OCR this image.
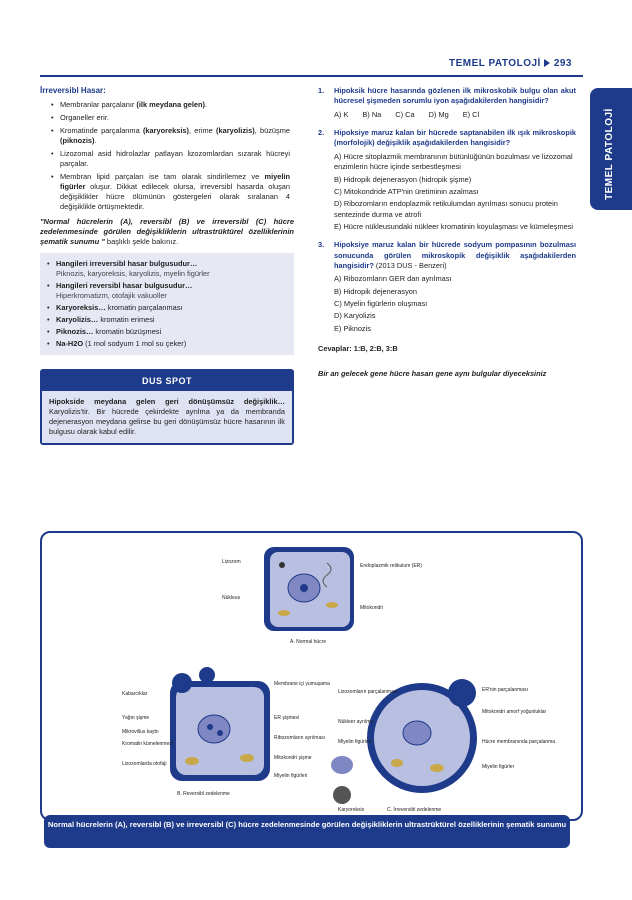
TEMEL PATOLOJİ 293
TEMEL PATOLOJİ
İrreversibl Hasar:
• Membranlar parçalanır (ilk meydana gelen).
• Organeller erir.
• Kromatinde parçalanma (karyoreksis), erime (karyolizis), büzüşme (piknozis).
• Lizozomal asid hidrolazlar patlayan lizozomlardan sızarak hücreyi parçalar.
• Membran lipid parçaları ise tam olarak sindirilemez ve miyelin figürler oluşur. Dikkat edilecek olursa, irreversibl hasarda oluşan değişiklikler hücre ölümünün göstergeleri olarak sıralanan 4 değişiklikle örtüşmektedir.
"Normal hücrelerin (A), reversibl (B) ve irreversibl (C) hücre zedelenmesinde görülen değişikliklerin ultrastrüktürel özelliklerinin şematik sunumu " başlıklı şekle bakınız.
• Hangileri irreversibl hasar bulgusudur…
Piknozis, karyoreksis, karyolizis, myelin figürler
• Hangileri reversibl hasar bulgusudur…
Hiperkromatizm, otofajik vakuoller
• Karyoreksis… kromatin parçalanması
• Karyolizis… kromatin erimesi
• Piknozis… kromatin büzüşmesi
• Na-H2O (1 mol sodyum 1 mol su çeker)
DUS SPOT
Hipokside meydana gelen geri dönüşümsüz değişiklik… Karyolizis'tir. Bir hücrede çekirdekte ayrılma ya da membranda dejenerasyon meydana gelirse bu geri dönüşümsüz hücre hasarının ilk bulgusu olarak kabul edilir.
1.	Hipoksik hücre hasarında gözlenen ilk mikroskobik bulgu olan akut hücresel şişmeden sorumlu iyon aşağıdakilerden hangisidir?
A) K B) Na C) Ca D) Mg E) Cl
2.	Hipoksiye maruz kalan bir hücrede saptanabilen ilk ışık mikroskopik (morfolojik) değişiklik aşağıdakilerden hangisidir?
A) Hücre sitoplazmik membranının bütünlüğünün bozulması ve lizozomal enzimlerin hücre içinde serbestleşmesi
B) Hidropik dejenerasyon (hidropik şişme)
C) Mitokondride ATP'nin üretiminin azalması
D) Ribozomların endoplazmik retikulumdan ayrılması sonucu protein sentezinde durma ve atrofi
E) Hücre nükleusundaki nükleer kromatinin koyulaşması ve kümeleşmesi
3.	Hipoksiye maruz kalan bir hücrede sodyum pompasının bozulması sonucunda görülen mikroskopik değişiklik aşağıdakilerden hangisidir? (2013 DUS - Benzeri)
A) Ribozomların GER dan ayrılması
B) Hidropik dejenerasyon
C) Myelin figürlerin oluşması
D) Karyolizis
E) Piknozis
Cevaplar: 1:B, 2:B, 3:B
Bir an gelecek gene hücre hasarı gene aynı bulgular diyeceksiniz
Lizozom
Nükleus
Endoplazmik retikulum (ER)
Mitokondri
A. Normal hücre
Kabarcıklar
Yağın şişme
Mikrovillus kaybı
Kromatin kümelenmesi
Lizozomlarda otofaji
Membrane içi yumuşama
ER şişmesi
Ribozomların ayrılması
Mitokondri şişme
Miyelin figürleri
B. Reversibl zedelenme
Lizozomların parçalanması
Nükleer ayrılma
Miyelin figürleri
ER'nin parçalanması
Mitokondri amorf yoğunluklar
Hücre membranında parçalanma
Miyelin figürler
Karyoreksis	C. İrreversibl zedelenme
Normal hücrelerin (A), reversibl (B) ve irreversibl (C) hücre zedelenmesinde görülen değişikliklerin ultrastrüktürel özelliklerinin şematik sunumu
